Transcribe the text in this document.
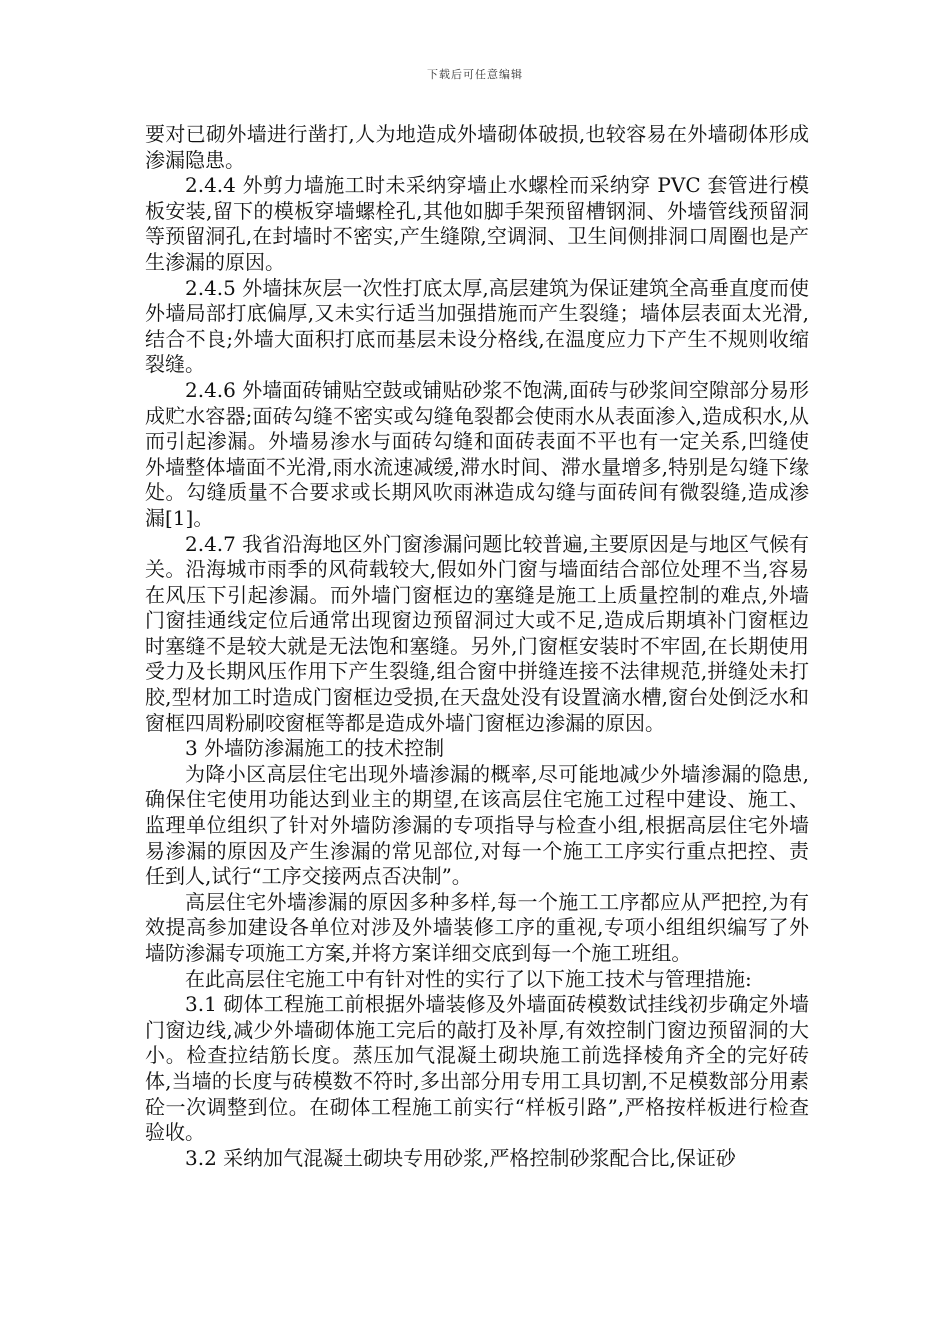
下载后可任意编辑

要对已砌外墙进行凿打,人为地造成外墙砌体破损,也较容易在外墙砌体形成渗漏隐患。

2.4.4 外剪力墙施工时未采纳穿墙止水螺栓而采纳穿 PVC 套管进行模板安装,留下的模板穿墙螺栓孔,其他如脚手架预留槽钢洞、外墙管线预留洞等预留洞孔,在封墙时不密实,产生缝隙,空调洞、卫生间侧排洞口周圈也是产生渗漏的原因。

2.4.5 外墙抹灰层一次性打底太厚,高层建筑为保证建筑全高垂直度而使外墙局部打底偏厚,又未实行适当加强措施而产生裂缝；墙体层表面太光滑,结合不良;外墙大面积打底而基层未设分格线,在温度应力下产生不规则收缩裂缝。

2.4.6 外墙面砖铺贴空鼓或铺贴砂浆不饱满,面砖与砂浆间空隙部分易形成贮水容器;面砖勾缝不密实或勾缝龟裂都会使雨水从表面渗入,造成积水,从而引起渗漏。外墙易渗水与面砖勾缝和面砖表面不平也有一定关系,凹缝使外墙整体墙面不光滑,雨水流速减缓,滞水时间、滞水量增多,特别是勾缝下缘处。勾缝质量不合要求或长期风吹雨淋造成勾缝与面砖间有微裂缝,造成渗漏[1]。

2.4.7 我省沿海地区外门窗渗漏问题比较普遍,主要原因是与地区气候有关。沿海城市雨季的风荷载较大,假如外门窗与墙面结合部位处理不当,容易在风压下引起渗漏。而外墙门窗框边的塞缝是施工上质量控制的难点,外墙门窗挂通线定位后通常出现窗边预留洞过大或不足,造成后期填补门窗框边时塞缝不是较大就是无法饱和塞缝。另外,门窗框安装时不牢固,在长期使用受力及长期风压作用下产生裂缝,组合窗中拼缝连接不法律规范,拼缝处未打胶,型材加工时造成门窗框边受损,在天盘处没有设置滴水槽,窗台处倒泛水和窗框四周粉刷咬窗框等都是造成外墙门窗框边渗漏的原因。

3 外墙防渗漏施工的技术控制

为降小区高层住宅出现外墙渗漏的概率,尽可能地减少外墙渗漏的隐患,确保住宅使用功能达到业主的期望,在该高层住宅施工过程中建设、施工、监理单位组织了针对外墙防渗漏的专项指导与检查小组,根据高层住宅外墙易渗漏的原因及产生渗漏的常见部位,对每一个施工工序实行重点把控、责任到人,试行“工序交接两点否决制”。

高层住宅外墙渗漏的原因多种多样,每一个施工工序都应从严把控,为有效提高参加建设各单位对涉及外墙装修工序的重视,专项小组组织编写了外墙防渗漏专项施工方案,并将方案详细交底到每一个施工班组。

在此高层住宅施工中有针对性的实行了以下施工技术与管理措施:

3.1 砌体工程施工前根据外墙装修及外墙面砖模数试挂线初步确定外墙门窗边线,减少外墙砌体施工完后的敲打及补厚,有效控制门窗边预留洞的大小。检查拉结筋长度。蒸压加气混凝土砌块施工前选择棱角齐全的完好砖体,当墙的长度与砖模数不符时,多出部分用专用工具切割,不足模数部分用素砼一次调整到位。在砌体工程施工前实行“样板引路”,严格按样板进行检查验收。

3.2 采纳加气混凝土砌块专用砂浆,严格控制砂浆配合比,保证砂
